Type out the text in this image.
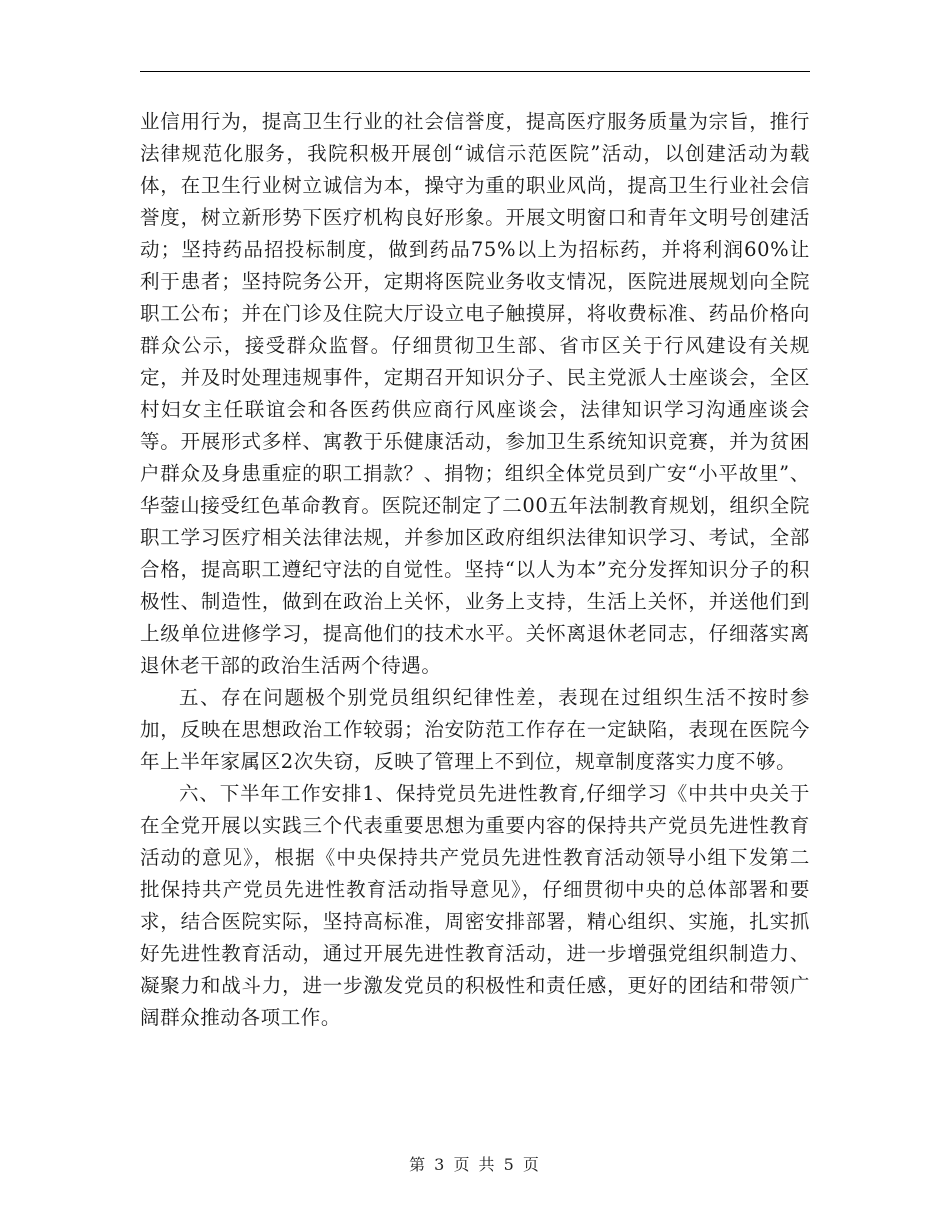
业信用行为，提高卫生行业的社会信誉度，提高医疗服务质量为宗旨，推行法律规范化服务，我院积极开展创“诚信示范医院”活动，以创建活动为载体，在卫生行业树立诚信为本，操守为重的职业风尚，提高卫生行业社会信誉度，树立新形势下医疗机构良好形象。开展文明窗口和青年文明号创建活动；坚持药品招投标制度，做到药品75%以上为招标药，并将利润60%让利于患者；坚持院务公开，定期将医院业务收支情况，医院进展规划向全院职工公布；并在门诊及住院大厅设立电子触摸屏，将收费标准、药品价格向群众公示，接受群众监督。仔细贯彻卫生部、省市区关于行风建设有关规定，并及时处理违规事件，定期召开知识分子、民主党派人士座谈会，全区村妇女主任联谊会和各医药供应商行风座谈会，法律知识学习沟通座谈会等。开展形式多样、寓教于乐健康活动，参加卫生系统知识竞赛，并为贫困户群众及身患重症的职工捐款？、捐物；组织全体党员到广安“小平故里”、华蓥山接受红色革命教育。医院还制定了二00五年法制教育规划，组织全院职工学习医疗相关法律法规，并参加区政府组织法律知识学习、考试，全部合格，提高职工遵纪守法的自觉性。坚持“以人为本”充分发挥知识分子的积极性、制造性，做到在政治上关怀，业务上支持，生活上关怀，并送他们到上级单位进修学习，提高他们的技术水平。关怀离退休老同志，仔细落实离退休老干部的政治生活两个待遇。

五、存在问题极个别党员组织纪律性差，表现在过组织生活不按时参加，反映在思想政治工作较弱；治安防范工作存在一定缺陷，表现在医院今年上半年家属区2次失窃，反映了管理上不到位，规章制度落实力度不够。

六、下半年工作安排1、保持党员先进性教育,仔细学习《中共中央关于在全党开展以实践三个代表重要思想为重要内容的保持共产党员先进性教育活动的意见》，根据《中央保持共产党员先进性教育活动领导小组下发第二批保持共产党员先进性教育活动指导意见》，仔细贯彻中央的总体部署和要求，结合医院实际，坚持高标准，周密安排部署，精心组织、实施，扎实抓好先进性教育活动，通过开展先进性教育活动，进一步增强党组织制造力、凝聚力和战斗力，进一步激发党员的积极性和责任感，更好的团结和带领广阔群众推动各项工作。

第 3 页 共 5 页
